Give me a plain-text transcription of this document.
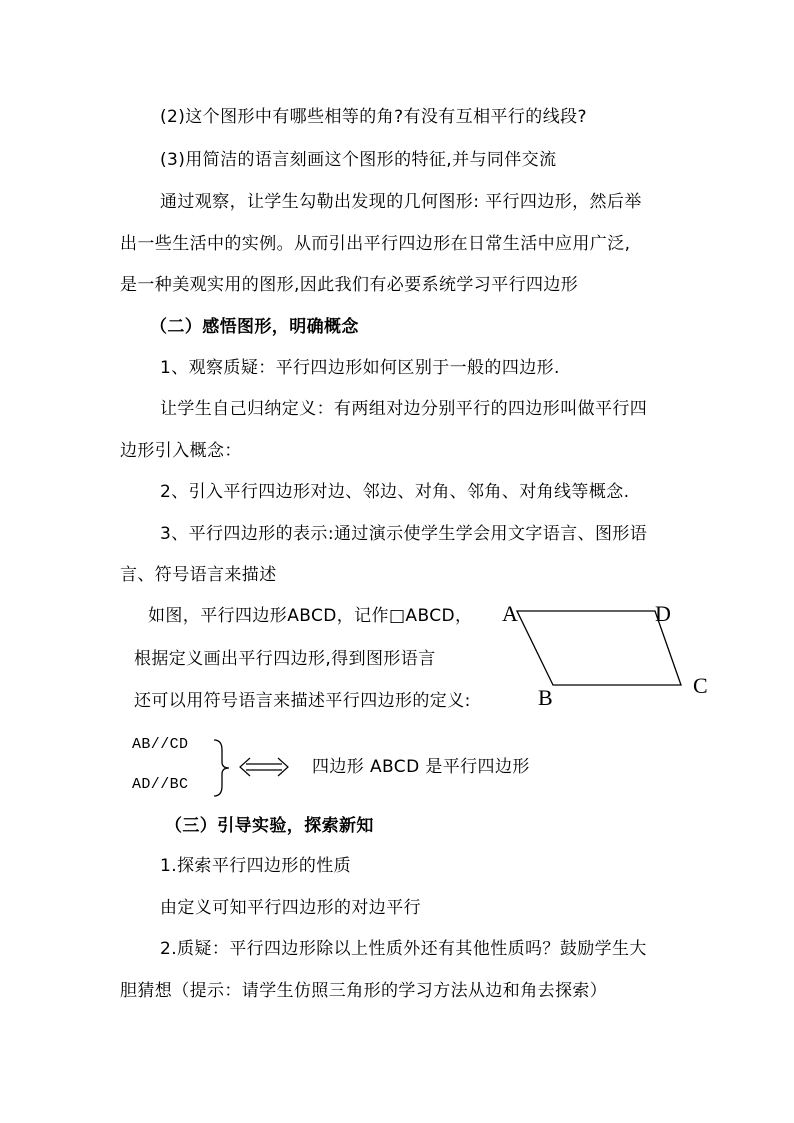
(2)这个图形中有哪些相等的角?有没有互相平行的线段?
(3)用简洁的语言刻画这个图形的特征,并与同伴交流
通过观察，让学生勾勒出发现的几何图形: 平行四边形，然后举
出一些生活中的实例。从而引出平行四边形在日常生活中应用广泛,
是一种美观实用的图形,因此我们有必要系统学习平行四边形
（二）感悟图形，明确概念
1、观察质疑：平行四边形如何区别于一般的四边形.
让学生自己归纳定义：有两组对边分别平行的四边形叫做平行四
边形引入概念：
2、引入平行四边形对边、邻边、对角、邻角、对角线等概念.
3、平行四边形的表示:通过演示使学生学会用文字语言、图形语
言、符号语言来描述
如图，平行四边形ABCD，记作□ABCD，
根据定义画出平行四边形,得到图形语言
还可以用符号语言来描述平行四边形的定义:
A	D
B	C
AB//CD
AD//BC
四边形 ABCD 是平行四边形
（三）引导实验，探索新知
1.探索平行四边形的性质
由定义可知平行四边形的对边平行
2.质疑：平行四边形除以上性质外还有其他性质吗？鼓励学生大
胆猜想（提示：请学生仿照三角形的学习方法从边和角去探索）
